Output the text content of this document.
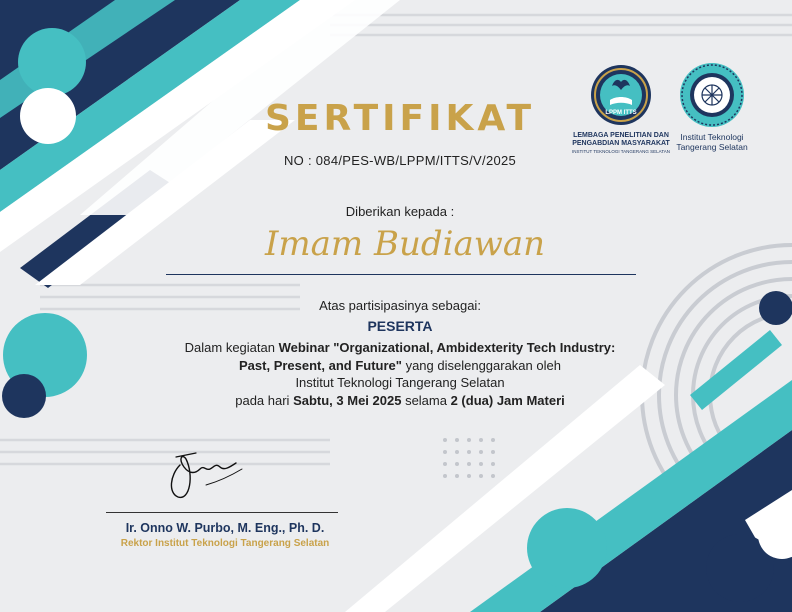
SERTIFIKAT
NO : 084/PES-WB/LPPM/ITTS/V/2025
Diberikan kepada :
Imam Budiawan
Atas partisipasinya sebagai:
PESERTA
Dalam kegiatan Webinar "Organizational, Ambidexterity Tech Industry: Past, Present, and Future" yang diselenggarakan oleh
Institut Teknologi Tangerang Selatan
pada hari Sabtu, 3 Mei 2025 selama 2 (dua) Jam Materi
Ir. Onno W. Purbo, M. Eng., Ph. D.
Rektor Institut Teknologi Tangerang Selatan
LPPM ITTS
LEMBAGA PENELITIAN DAN PENGABDIAN MASYARAKAT
INSTITUT TEKNOLOGI TANGERANG SELATAN
Institut Teknologi Tangerang Selatan
